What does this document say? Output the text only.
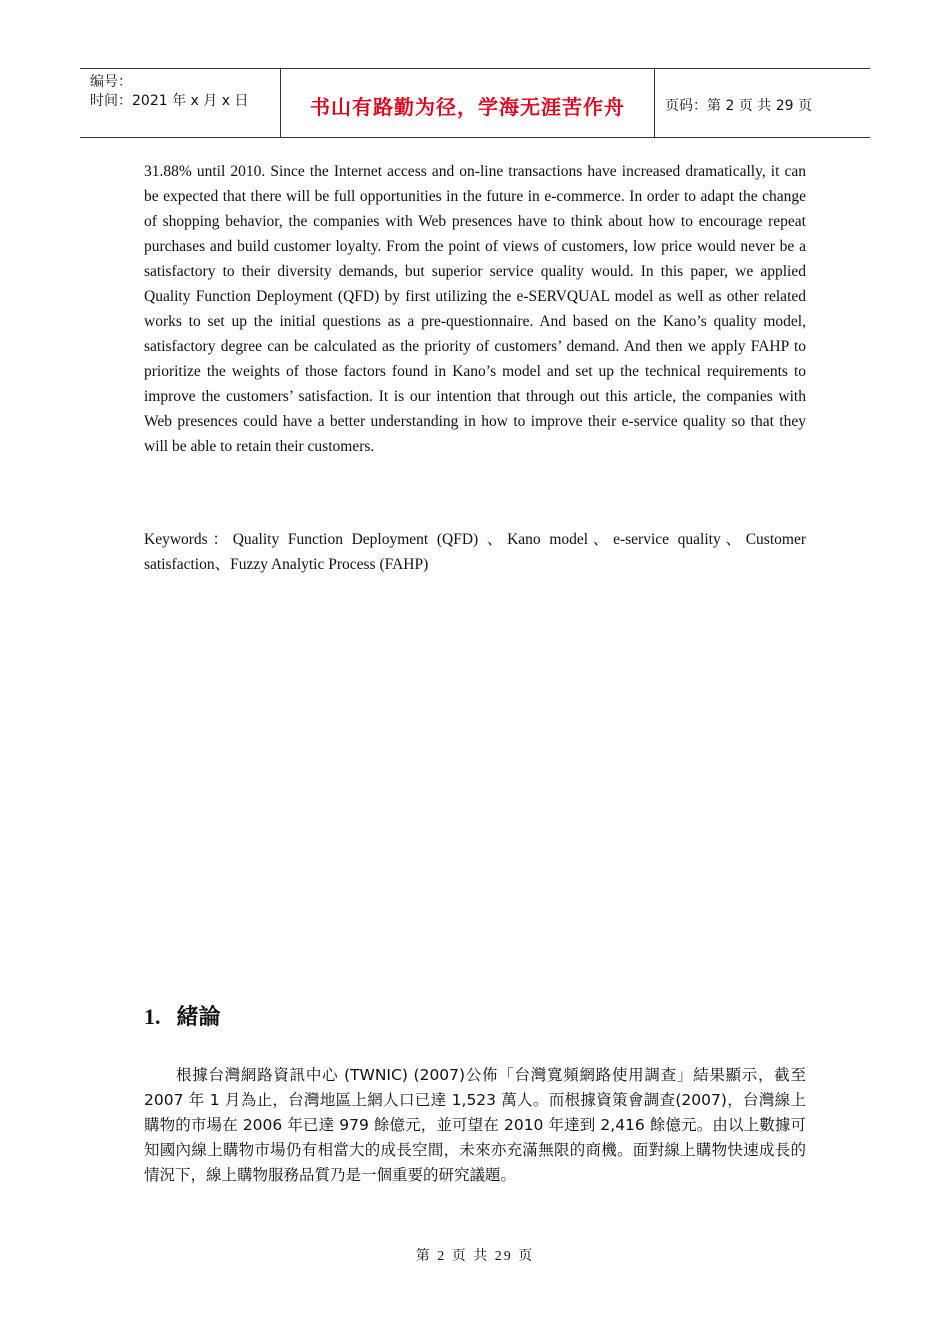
编号：
时间：2021 年 x 月 x 日	书山有路勤为径，学海无涯苦作舟	页码：第 2 页 共 29 页

31.88% until 2010. Since the Internet access and on-line transactions have increased dramatically, it can be expected that there will be full opportunities in the future in e-commerce. In order to adapt the change of shopping behavior, the companies with Web presences have to think about how to encourage repeat purchases and build customer loyalty. From the point of views of customers, low price would never be a satisfactory to their diversity demands, but superior service quality would. In this paper, we applied Quality Function Deployment (QFD) by first utilizing the e-SERVQUAL model as well as other related works to set up the initial questions as a pre-questionnaire. And based on the Kano’s quality model, satisfactory degree can be calculated as the priority of customers’ demand. And then we apply FAHP to prioritize the weights of those factors found in Kano’s model and set up the technical requirements to improve the customers’ satisfaction. It is our intention that through out this article, the companies with Web presences could have a better understanding in how to improve their e-service quality so that they will be able to retain their customers.

Keywords：Quality Function Deployment (QFD) 、Kano model、e-service quality、Customer satisfaction、Fuzzy Analytic Process (FAHP)

1. 緒論

根據台灣網路資訊中心 (TWNIC) (2007)公佈「台灣寬頻網路使用調查」結果顯示，截至 2007 年 1 月為止，台灣地區上網人口已達 1,523 萬人。而根據資策會調查(2007)，台灣線上購物的市場在 2006 年已達 979 餘億元，並可望在 2010 年達到 2,416 餘億元。由以上數據可知國內線上購物市場仍有相當大的成長空間，未來亦充滿無限的商機。面對線上購物快速成長的情況下，線上購物服務品質乃是一個重要的研究議題。

第 2 页 共 29 页
